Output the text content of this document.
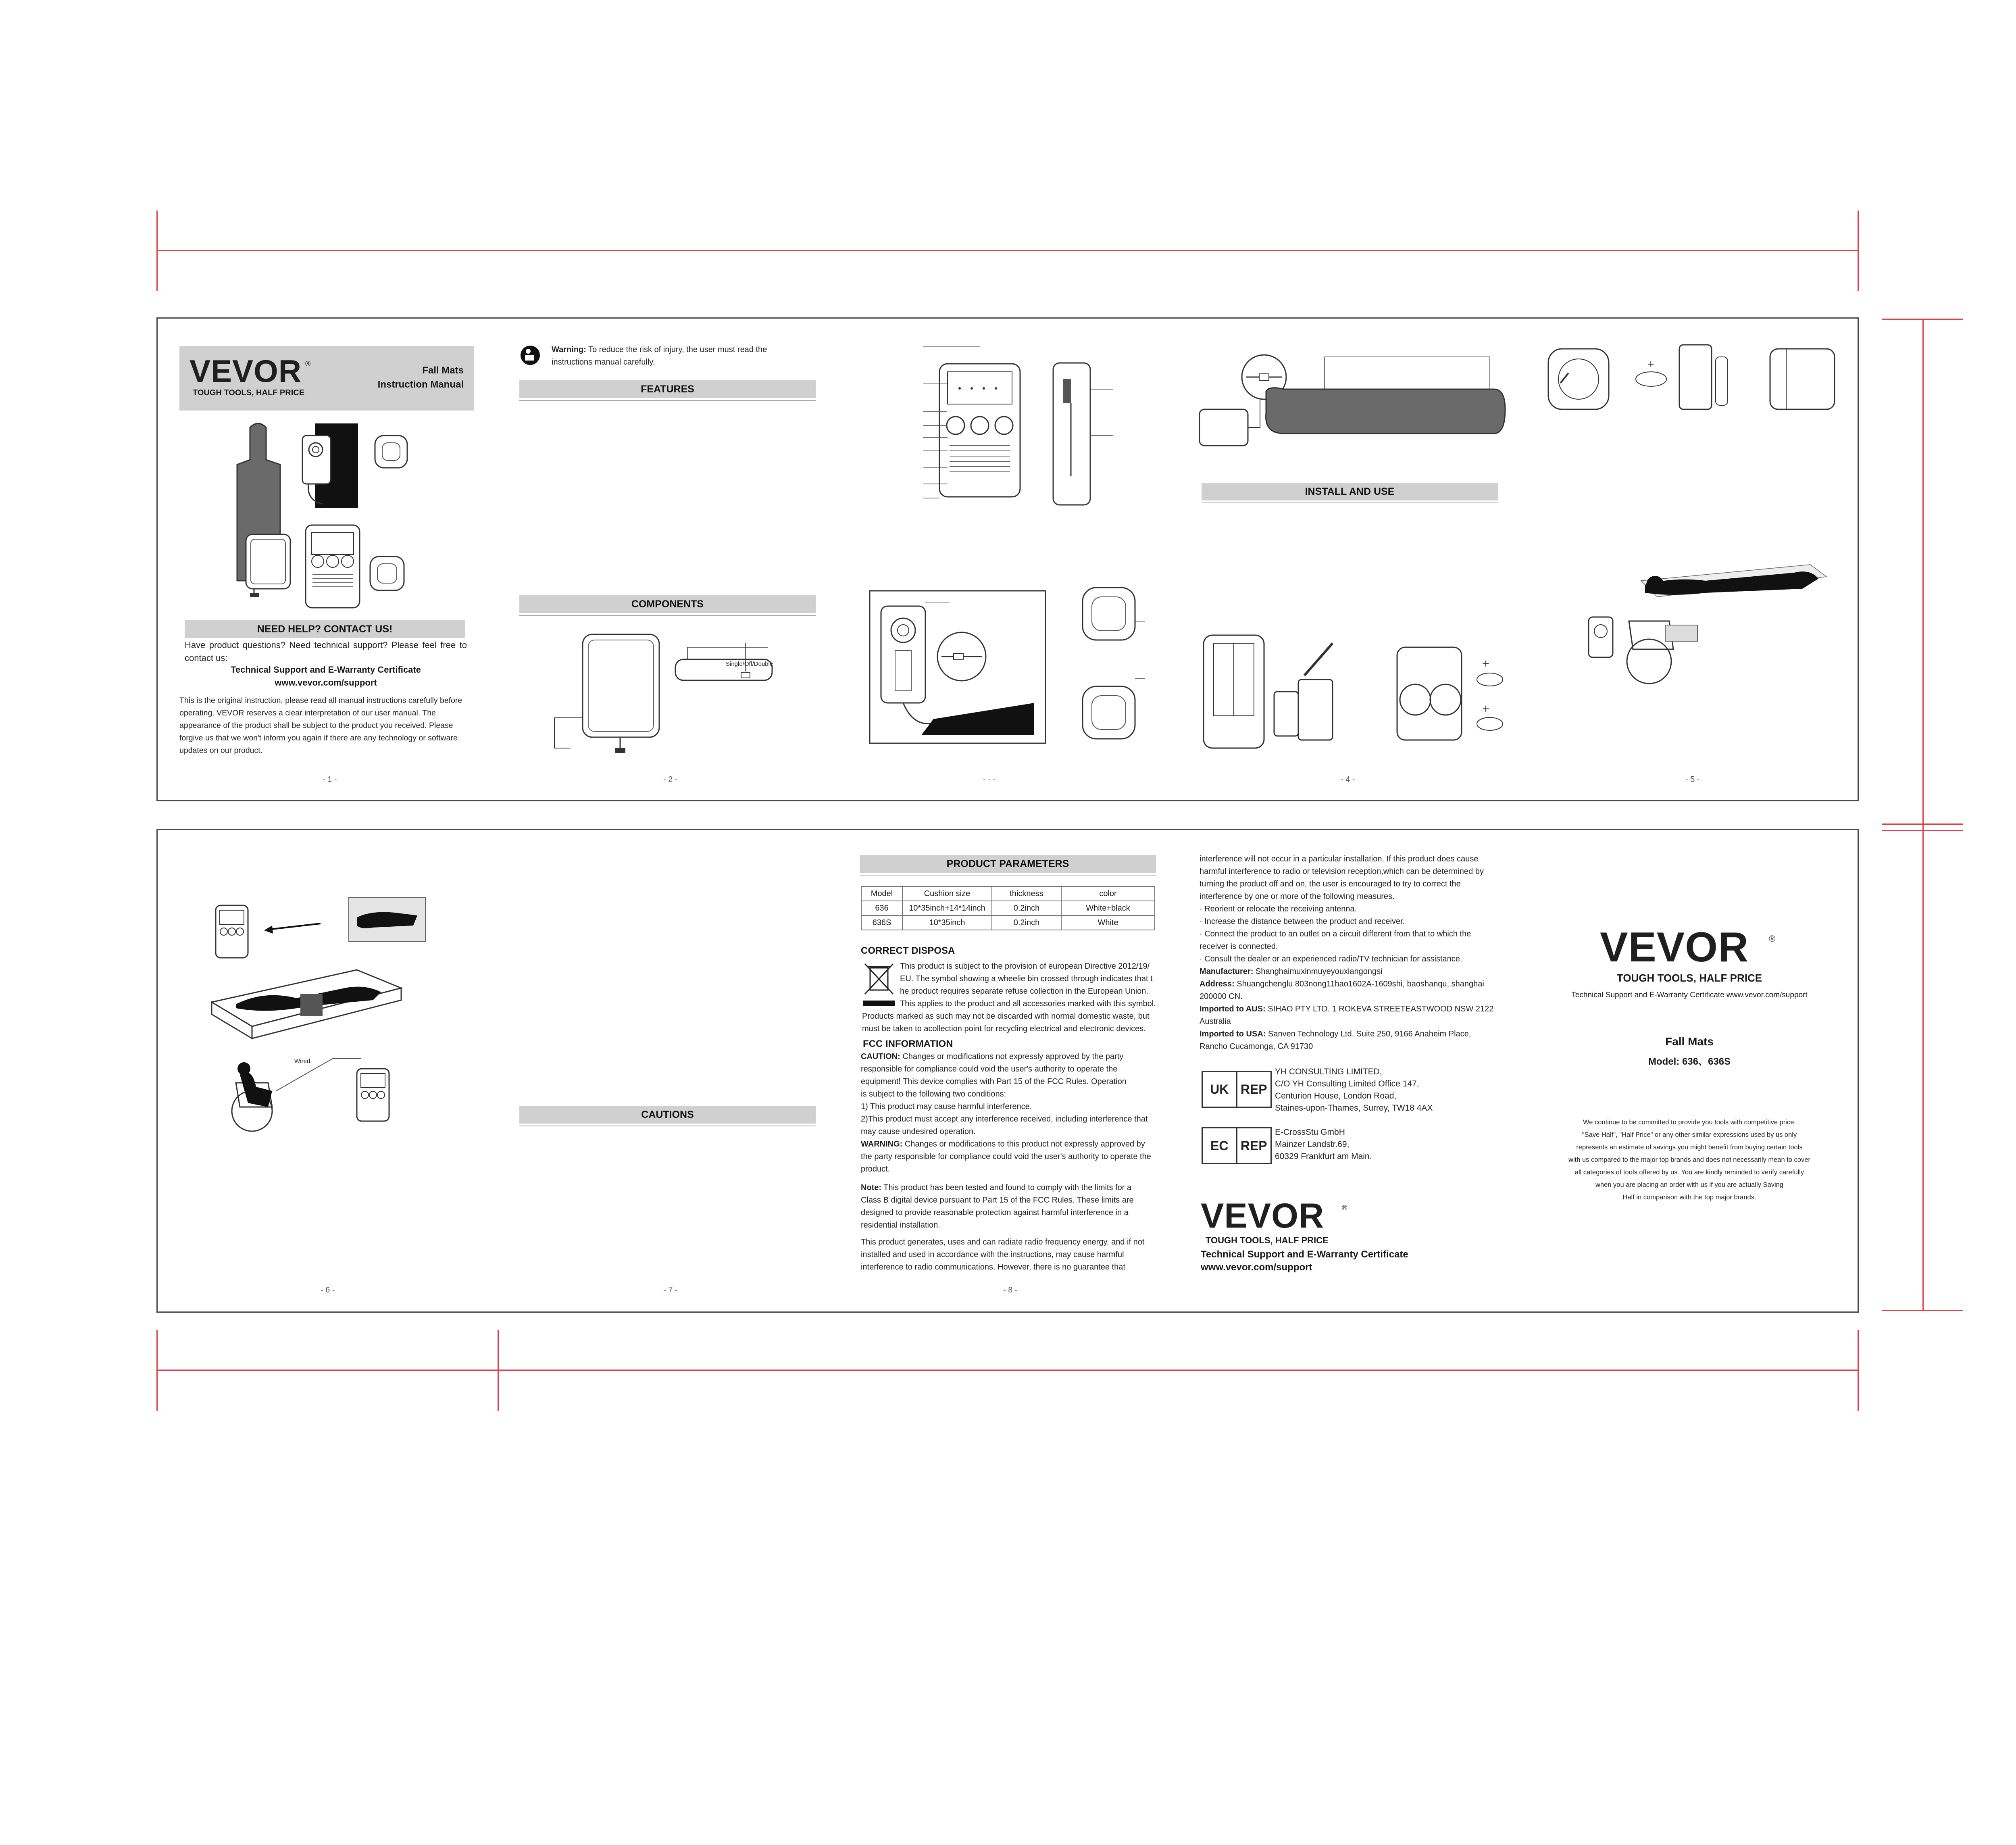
VEVOR ®
TOUGH TOOLS, HALF PRICE
Fall Mats
Instruction Manual
NEED HELP? CONTACT US!
Have product questions? Need technical support? Please feel free to contact us:
Technical Support and E-Warranty Certificate
www.vevor.com/support
This is the original instruction, please read all manual instructions carefully before operating. VEVOR reserves a clear interpretation of our user manual. The appearance of the product shall be subject to the product you received. Please forgive us that we won't inform you again if there are any technology or software updates on our product.
- 1 -
Warning: To reduce the risk of injury, the user must read the instructions manual carefully.
FEATURES
COMPONENTS
Single/Off/Double
- 2 -	- · -
INSTALL AND USE
+
+
- 4 -
+
- 5 -
Wired
- 6 -
CAUTIONS
- 7 -
PRODUCT PARAMETERS
Model	Cushion size	thickness	color
636	10*35inch+14*14inch	0.2inch	White+black
636S	10*35inch	0.2inch	White
CORRECT DISPOSA

This product is subject to the provision of european Directive 2012/19/

EU. The symbol showing a wheelie bin crossed through indicates that t

he product requires separate refuse collection in the European Union.

This applies to the product and all accessories marked with this symbol.

Products marked as such may not be discarded with normal domestic waste, but

must be taken to acollection point for recycling electrical and electronic devices.

FCC INFORMATION

CAUTION: Changes or modifications not expressly approved by the party

responsible for compliance could void the user's authority to operate the

equipment! This device complies with Part 15 of the FCC Rules. Operation

is subject to the following two conditions:

1) This product may cause harmful interference.

2)This product must accept any interference received, including interference that

may cause undesired operation.

WARNING: Changes or modifications to this product not expressly approved by

the party responsible for compliance could void the user's authority to operate the

product.

Note: This product has been tested and found to comply with the limits for a

Class B digital device pursuant to Part 15 of the FCC Rules. These limits are

designed to provide reasonable protection against harmful interference in a

residential installation.

This product generates, uses and can radiate radio frequency energy, and if not

installed and used in accordance with the instructions, may cause harmful

interference to radio communications. However, there is no guarantee that

- 8 -

interference will not occur in a particular installation. If this product does cause

harmful interference to radio or television reception,which can be determined by

turning the product off and on, the user is encouraged to try to correct the

interference by one or more of the following measures.

· Reorient or relocate the receiving antenna.

· Increase the distance between the product and receiver.

· Connect the product to an outlet on a circuit different from that to which the

receiver is connected.

· Consult the dealer or an experienced radio/TV technician for assistance.

Manufacturer: Shanghaimuxinmuyeyouxiangongsi

Address: Shuangchenglu 803nong11hao1602A-1609shi, baoshanqu, shanghai

200000 CN.

Imported to AUS: SIHAO PTY LTD. 1 ROKEVA STREETEASTWOOD NSW 2122

Australia

Imported to USA: Sanven Technology Ltd. Suite 250, 9166 Anaheim Place,

Rancho Cucamonga, CA 91730

UK REP

YH CONSULTING LIMITED,

C/O YH Consulting Limited Office 147,

Centurion House, London Road,

Staines-upon-Thames, Surrey, TW18 4AX

EC REP

E-CrossStu GmbH

Mainzer Landstr.69,

60329 Frankfurt am Main.

VEVOR ®
TOUGH TOOLS, HALF PRICE
Technical Support and E-Warranty Certificate
www.vevor.com/support
VEVOR ®
TOUGH TOOLS, HALF PRICE
Technical Support and E-Warranty Certificate www.vevor.com/support
Fall Mats
Model: 636、636S

We continue to be committed to provide you tools with competitive price.

"Save Half", "Half Price" or any other similar expressions used by us only

represents an estimate of savings you might benefit from buying certain tools

with us compared to the major top brands and does not necessarily mean to cover

all categories of tools offered by us. You are kindly reminded to verify carefully

when you are placing an order with us if you are actually Saving

Half in comparison with the top major brands.
